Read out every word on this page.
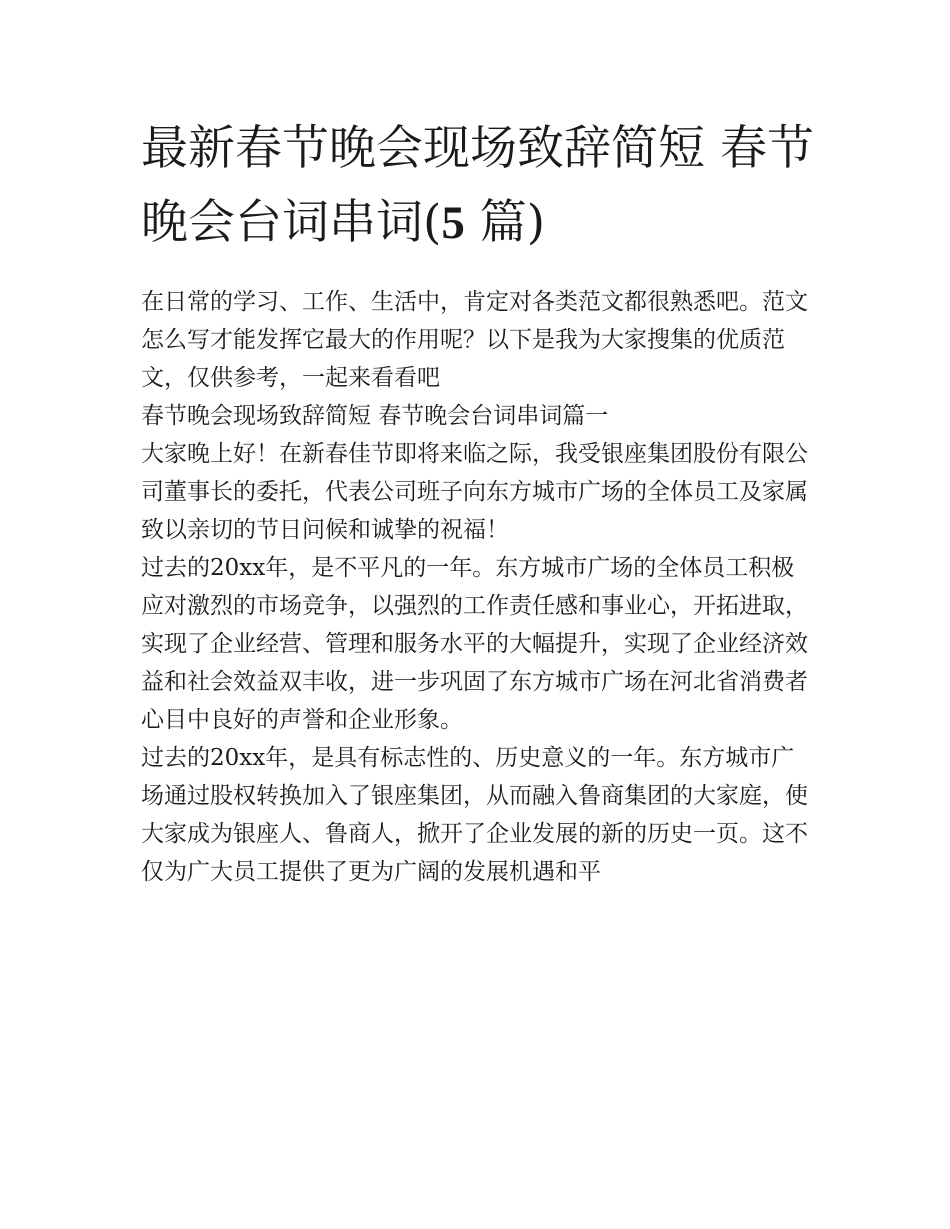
最新春节晚会现场致辞简短 春节晚会台词串词(5 篇)

在日常的学习、工作、生活中，肯定对各类范文都很熟悉吧。范文怎么写才能发挥它最大的作用呢？以下是我为大家搜集的优质范文，仅供参考，一起来看看吧

春节晚会现场致辞简短 春节晚会台词串词篇一

大家晚上好！在新春佳节即将来临之际，我受银座集团股份有限公司董事长的委托，代表公司班子向东方城市广场的全体员工及家属致以亲切的节日问候和诚挚的祝福！

过去的20xx年，是不平凡的一年。东方城市广场的全体员工积极应对激烈的市场竞争，以强烈的工作责任感和事业心，开拓进取，实现了企业经营、管理和服务水平的大幅提升，实现了企业经济效益和社会效益双丰收，进一步巩固了东方城市广场在河北省消费者心目中良好的声誉和企业形象。

过去的20xx年，是具有标志性的、历史意义的一年。东方城市广场通过股权转换加入了银座集团，从而融入鲁商集团的大家庭，使大家成为银座人、鲁商人，掀开了企业发展的新的历史一页。这不仅为广大员工提供了更为广阔的发展机遇和平
